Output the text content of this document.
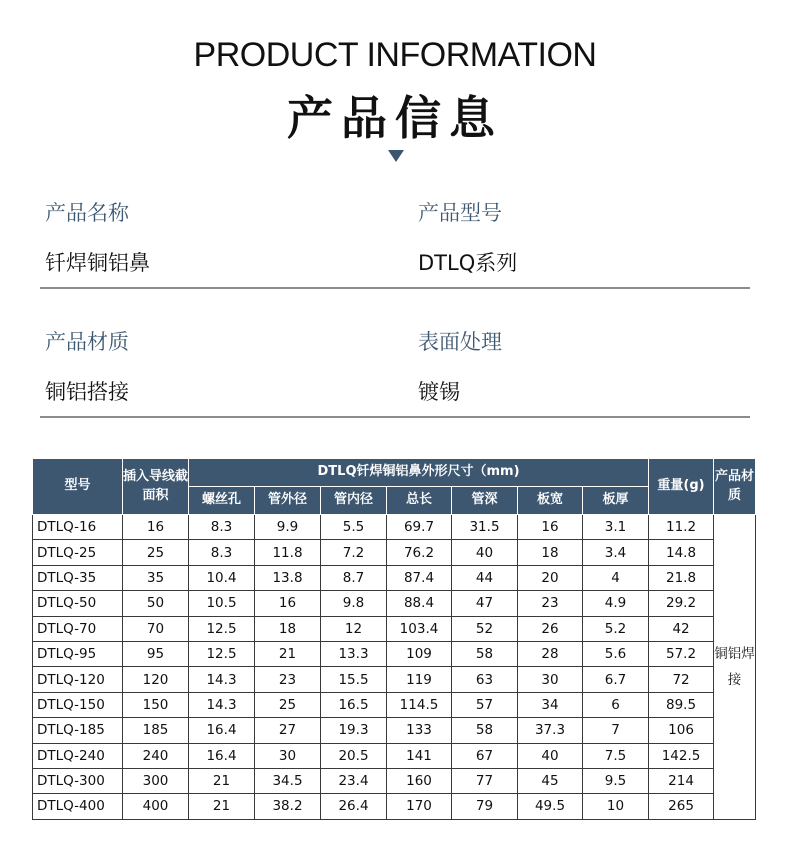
PRODUCT INFORMATION
产品信息
产品名称
钎焊铜铝鼻
产品型号
DTLQ系列
产品材质
铜铝搭接
表面处理
镀锡
型号	插入导线截面积	DTLQ钎焊铜铝鼻外形尺寸（mm)							重量(g)	产品材质
		螺丝孔	管外径	管内径	总长	管深	板宽	板厚		
DTLQ-16	16	8.3	9.9	5.5	69.7	31.5	16	3.1	11.2	铜铝焊接
DTLQ-25	25	8.3	11.8	7.2	76.2	40	18	3.4	14.8	
DTLQ-35	35	10.4	13.8	8.7	87.4	44	20	4	21.8	
DTLQ-50	50	10.5	16	9.8	88.4	47	23	4.9	29.2	
DTLQ-70	70	12.5	18	12	103.4	52	26	5.2	42	
DTLQ-95	95	12.5	21	13.3	109	58	28	5.6	57.2	
DTLQ-120	120	14.3	23	15.5	119	63	30	6.7	72	
DTLQ-150	150	14.3	25	16.5	114.5	57	34	6	89.5	
DTLQ-185	185	16.4	27	19.3	133	58	37.3	7	106	
DTLQ-240	240	16.4	30	20.5	141	67	40	7.5	142.5	
DTLQ-300	300	21	34.5	23.4	160	77	45	9.5	214	
DTLQ-400	400	21	38.2	26.4	170	79	49.5	10	265	
